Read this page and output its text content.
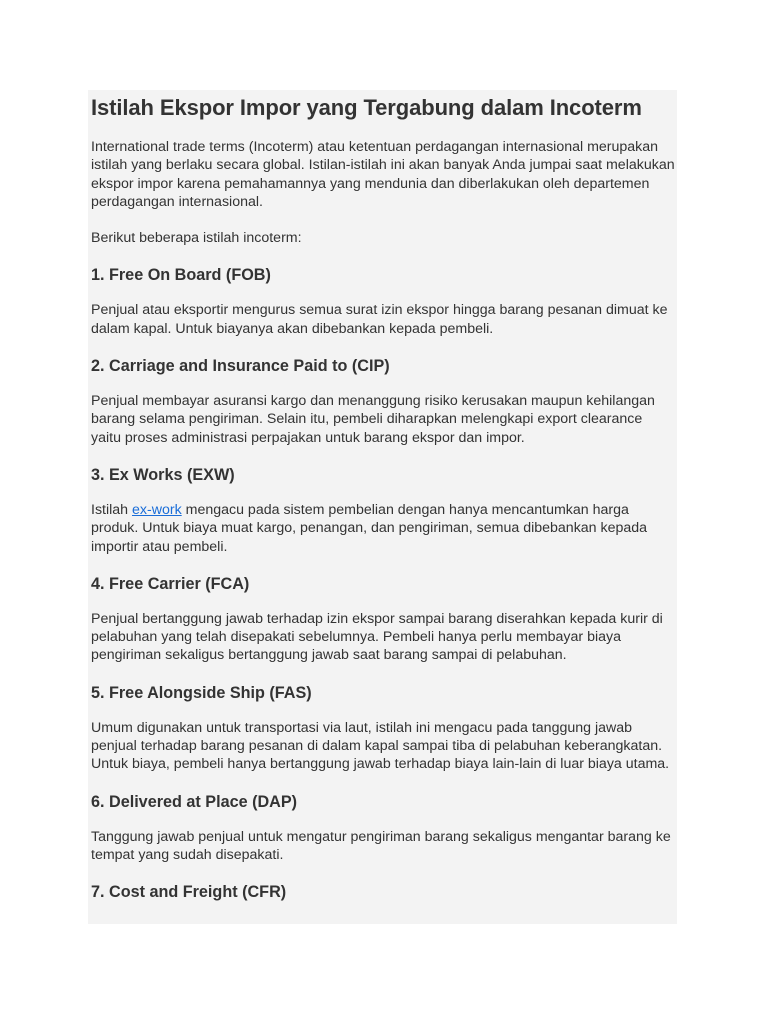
Istilah Ekspor Impor yang Tergabung dalam Incoterm

International trade terms (Incoterm) atau ketentuan perdagangan internasional merupakan istilah yang berlaku secara global. Istilan-istilah ini akan banyak Anda jumpai saat melakukan ekspor impor karena pemahamannya yang mendunia dan diberlakukan oleh departemen perdagangan internasional.

Berikut beberapa istilah incoterm:

1. Free On Board (FOB)

Penjual atau eksportir mengurus semua surat izin ekspor hingga barang pesanan dimuat ke dalam kapal. Untuk biayanya akan dibebankan kepada pembeli.

2. Carriage and Insurance Paid to (CIP)

Penjual membayar asuransi kargo dan menanggung risiko kerusakan maupun kehilangan barang selama pengiriman. Selain itu, pembeli diharapkan melengkapi export clearance yaitu proses administrasi perpajakan untuk barang ekspor dan impor.

3. Ex Works (EXW)

Istilah ex-work mengacu pada sistem pembelian dengan hanya mencantumkan harga produk. Untuk biaya muat kargo, penangan, dan pengiriman, semua dibebankan kepada importir atau pembeli.

4. Free Carrier (FCA)

Penjual bertanggung jawab terhadap izin ekspor sampai barang diserahkan kepada kurir di pelabuhan yang telah disepakati sebelumnya. Pembeli hanya perlu membayar biaya pengiriman sekaligus bertanggung jawab saat barang sampai di pelabuhan.

5. Free Alongside Ship (FAS)

Umum digunakan untuk transportasi via laut, istilah ini mengacu pada tanggung jawab penjual terhadap barang pesanan di dalam kapal sampai tiba di pelabuhan keberangkatan. Untuk biaya, pembeli hanya bertanggung jawab terhadap biaya lain-lain di luar biaya utama.

6. Delivered at Place (DAP)

Tanggung jawab penjual untuk mengatur pengiriman barang sekaligus mengantar barang ke tempat yang sudah disepakati.

7. Cost and Freight (CFR)
